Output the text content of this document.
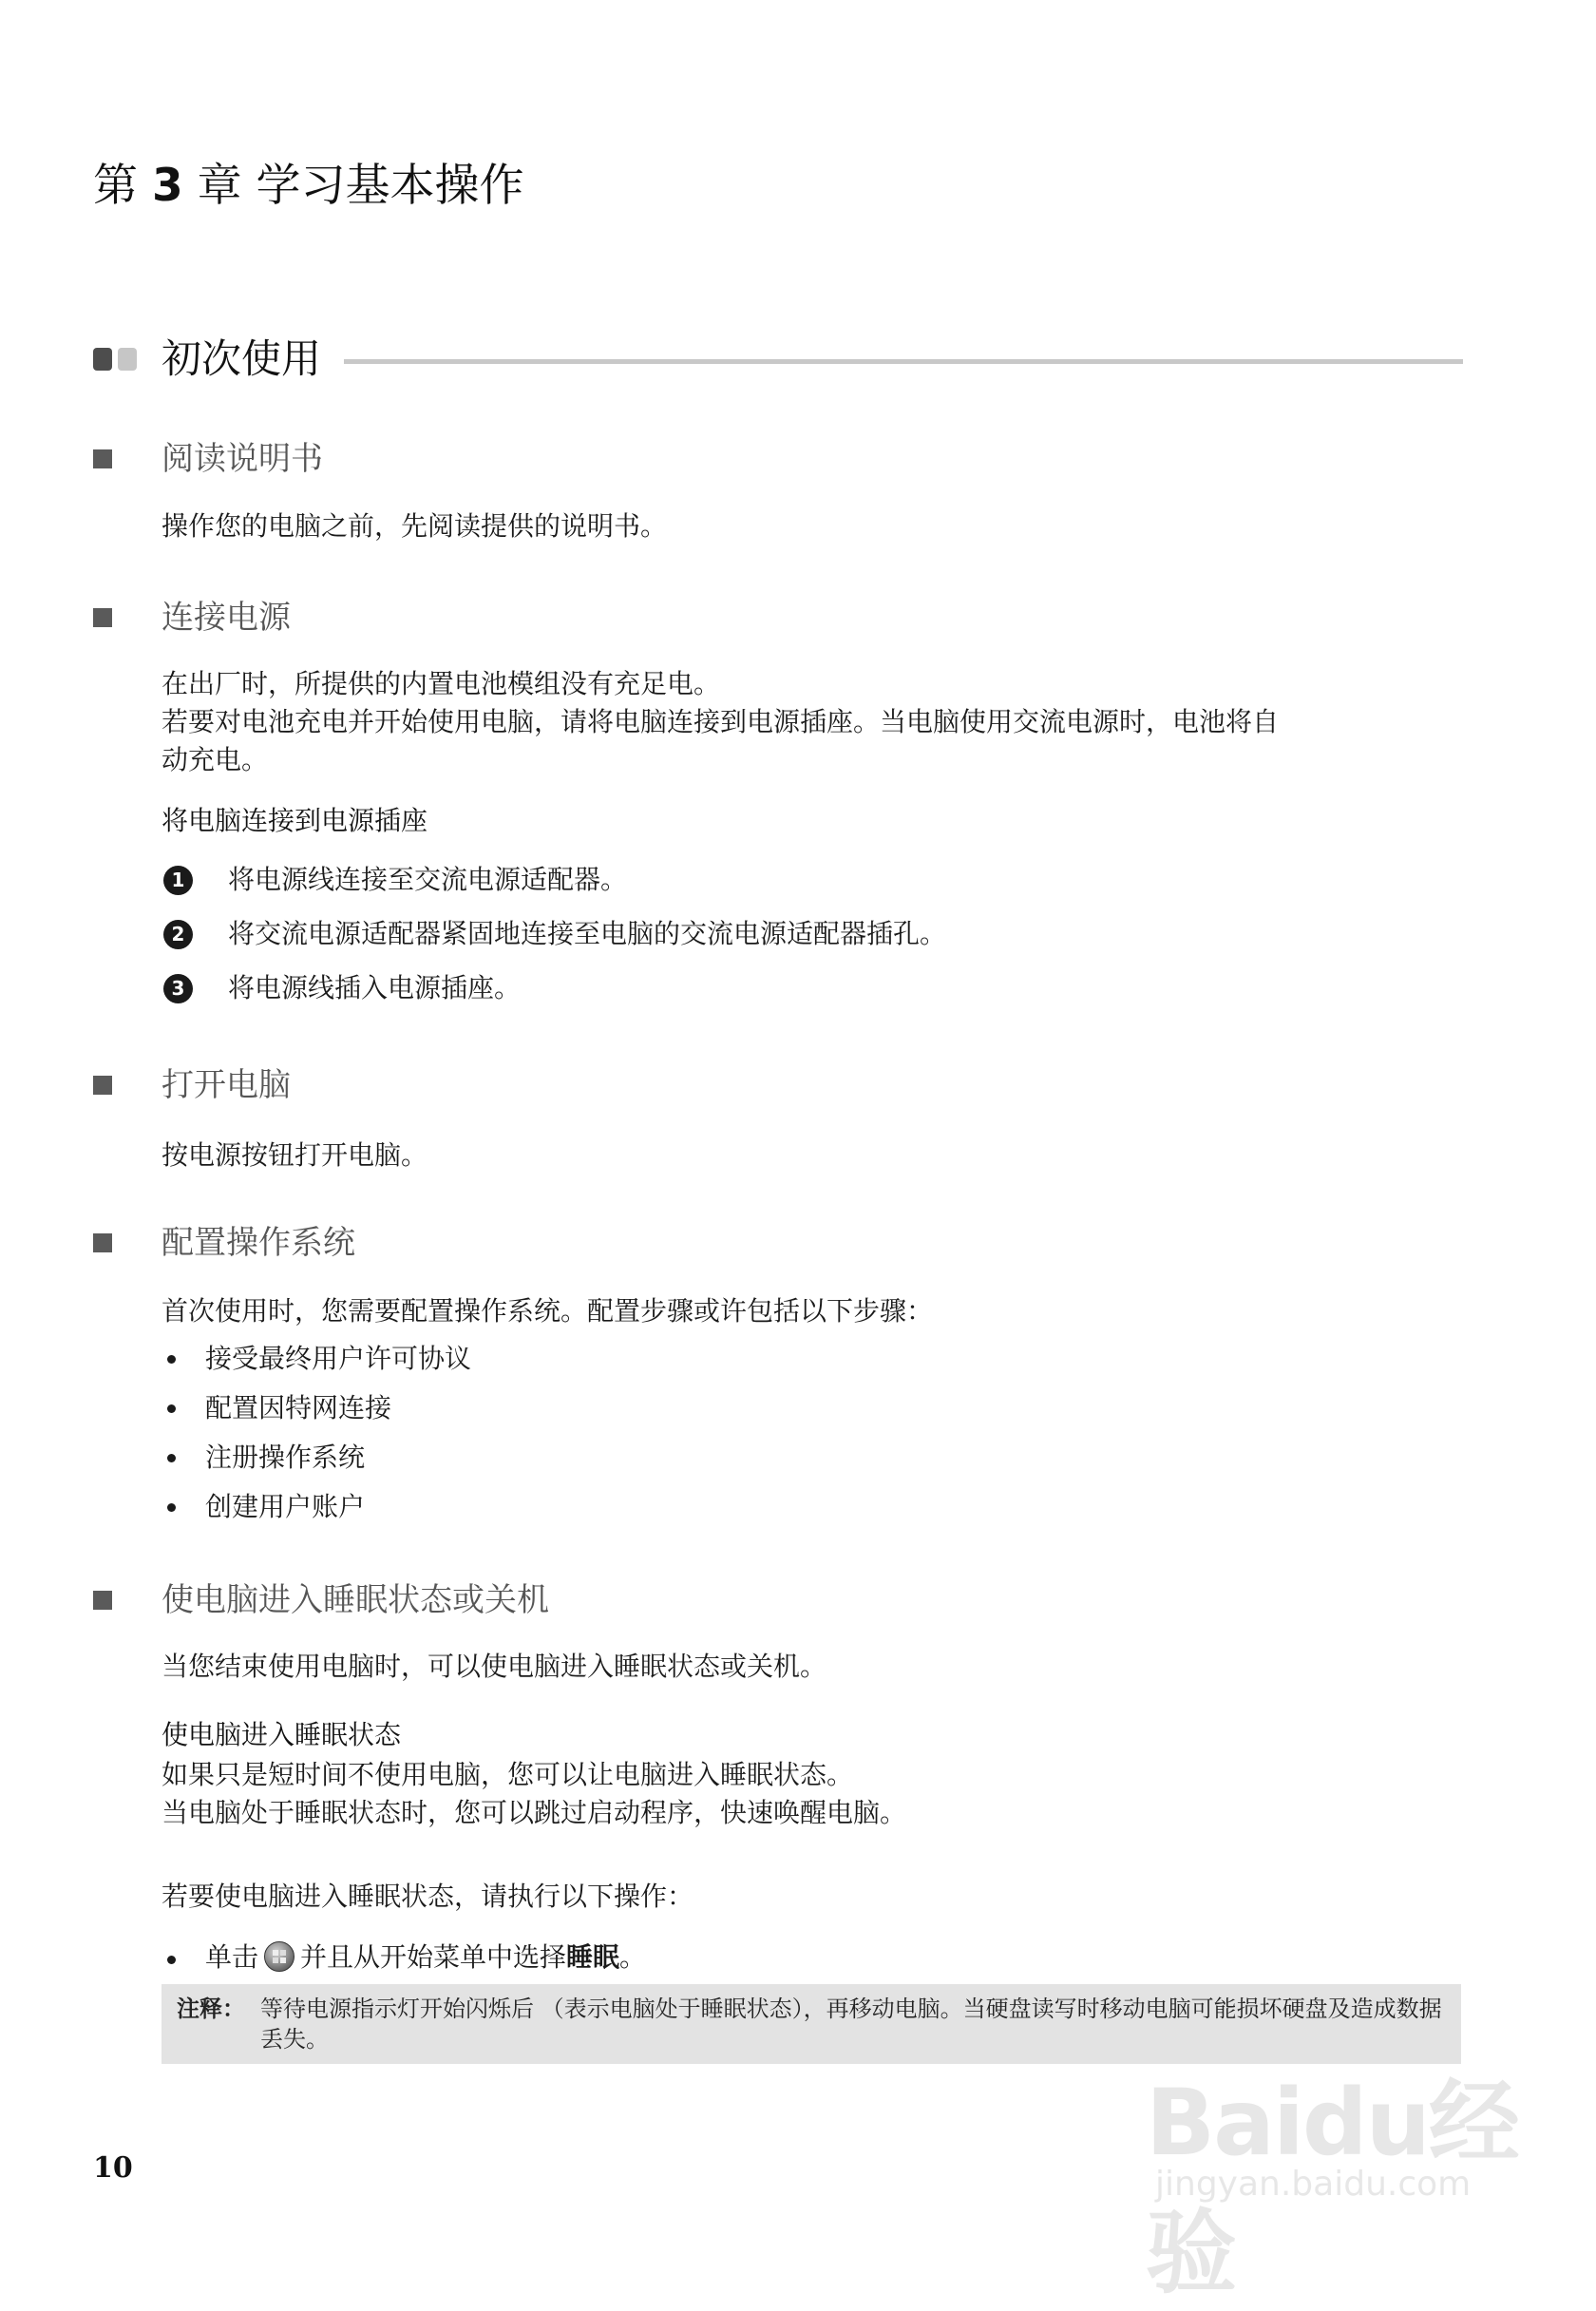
第 3 章 学习基本操作
初次使用
阅读说明书
操作您的电脑之前，先阅读提供的说明书。
连接电源
在出厂时，所提供的内置电池模组没有充足电。
若要对电池充电并开始使用电脑，请将电脑连接到电源插座。当电脑使用交流电源时，电池将自
动充电。
将电脑连接到电源插座
1	将电源线连接至交流电源适配器。
2	将交流电源适配器紧固地连接至电脑的交流电源适配器插孔。
3	将电源线插入电源插座。
打开电脑
按电源按钮打开电脑。
配置操作系统
首次使用时，您需要配置操作系统。配置步骤或许包括以下步骤：
接受最终用户许可协议
配置因特网连接
注册操作系统
创建用户账户
使电脑进入睡眠状态或关机
当您结束使用电脑时，可以使电脑进入睡眠状态或关机。
使电脑进入睡眠状态
如果只是短时间不使用电脑，您可以让电脑进入睡眠状态。
当电脑处于睡眠状态时，您可以跳过启动程序，快速唤醒电脑。
若要使电脑进入睡眠状态，请执行以下操作：
单击 并且从开始菜单中选择睡眠。
注释： 等待电源指示灯开始闪烁后 （表示电脑处于睡眠状态），再移动电脑。当硬盘读写时移动电脑可能损坏硬盘及造成数据丢失。
10	Baidu经验
jingyan.baidu.com
